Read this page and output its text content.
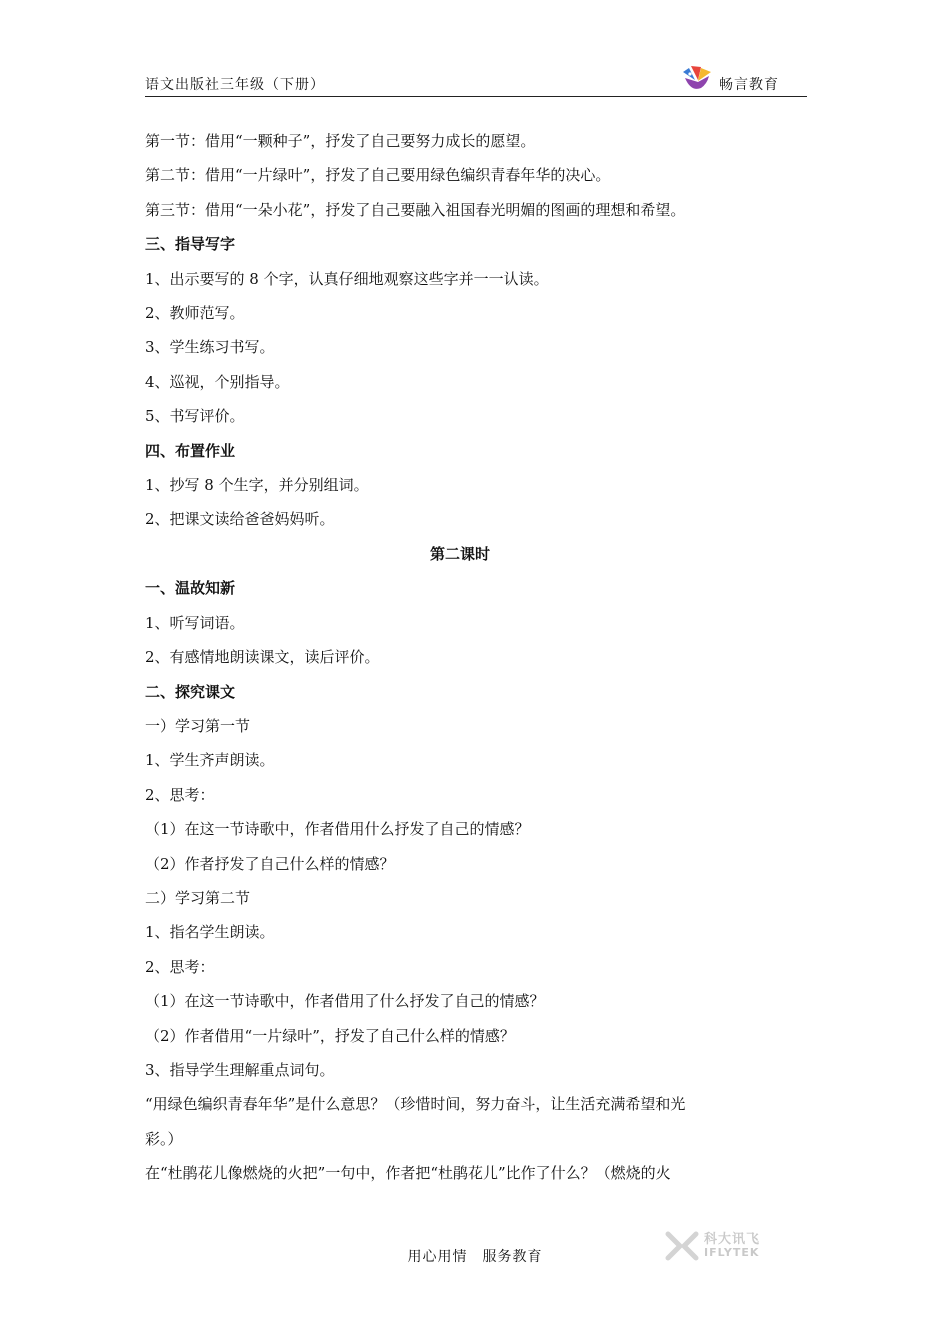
语文出版社三年级（下册）	畅言教育
第一节：借用“一颗种子”，抒发了自己要努力成长的愿望。
第二节：借用“一片绿叶”，抒发了自己要用绿色编织青春年华的决心。
第三节：借用“一朵小花”，抒发了自己要融入祖国春光明媚的图画的理想和希望。
三、指导写字
1、出示要写的 8 个字，认真仔细地观察这些字并一一认读。
2、教师范写。
3、学生练习书写。
4、巡视，个别指导。
5、书写评价。
四、布置作业
1、抄写 8 个生字，并分别组词。
2、把课文读给爸爸妈妈听。
第二课时
一、温故知新
1、听写词语。
2、有感情地朗读课文，读后评价。
二、探究课文
一）学习第一节
1、学生齐声朗读。
2、思考：
（1）在这一节诗歌中，作者借用什么抒发了自己的情感？
（2）作者抒发了自己什么样的情感？
二）学习第二节
1、指名学生朗读。
2、思考：
（1）在这一节诗歌中，作者借用了什么抒发了自己的情感？
（2）作者借用“一片绿叶”，抒发了自己什么样的情感？
3、指导学生理解重点词句。
“用绿色编织青春年华”是什么意思？（珍惜时间，努力奋斗，让生活充满希望和光
彩。）
在“杜鹃花儿像燃烧的火把”一句中，作者把“杜鹃花儿”比作了什么？（燃烧的火
用心用情　服务教育
科大讯飞
IFLYTEK
